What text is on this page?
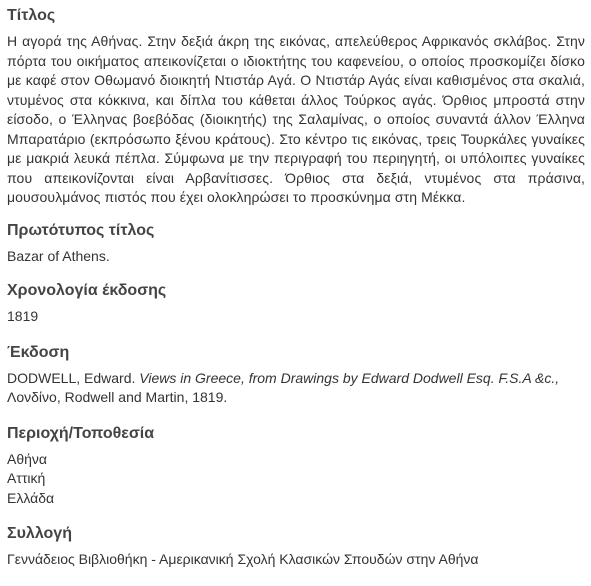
Τίτλος

Η αγορά της Αθήνας. Στην δεξιά άκρη της εικόνας, απελεύθερος Αφρικανός σκλάβος. Στην πόρτα του οικήματος απεικονίζεται ο ιδιοκτήτης του καφενείου, ο οποίος προσκομίζει δίσκο με καφέ στον Οθωμανό διοικητή Ντιστάρ Αγά. Ο Ντιστάρ Αγάς είναι καθισμένος στα σκαλιά, ντυμένος στα κόκκινα, και δίπλα του κάθεται άλλος Τούρκος αγάς. Όρθιος μπροστά στην είσοδο, ο Έλληνας βοεβόδας (διοικητής) της Σαλαμίνας, ο οποίος συναντά άλλον Έλληνα Μπαρατάριο (εκπρόσωπο ξένου κράτους). Στο κέντρο τις εικόνας, τρεις Τουρκάλες γυναίκες με μακριά λευκά πέπλα. Σύμφωνα με την περιγραφή του περιηγητή, οι υπόλοιπες γυναίκες που απεικονίζονται είναι Αρβανίτισσες. Όρθιος στα δεξιά, ντυμένος στα πράσινα, μουσουλμάνος πιστός που έχει ολοκληρώσει το προσκύνημα στη Μέκκα.

Πρωτότυπος τίτλος

Bazar of Athens.

Χρονολογία έκδοσης

1819

Έκδοση

DODWELL, Edward. Views in Greece, from Drawings by Edward Dodwell Esq. F.S.A &c., Λονδίνο, Rodwell and Martin, 1819.

Περιοχή/Τοποθεσία

Αθήνα
Αττική
Ελλάδα

Συλλογή

Γεννάδειος Βιβλιοθήκη - Αμερικανική Σχολή Κλασικών Σπουδών στην Αθήνα
